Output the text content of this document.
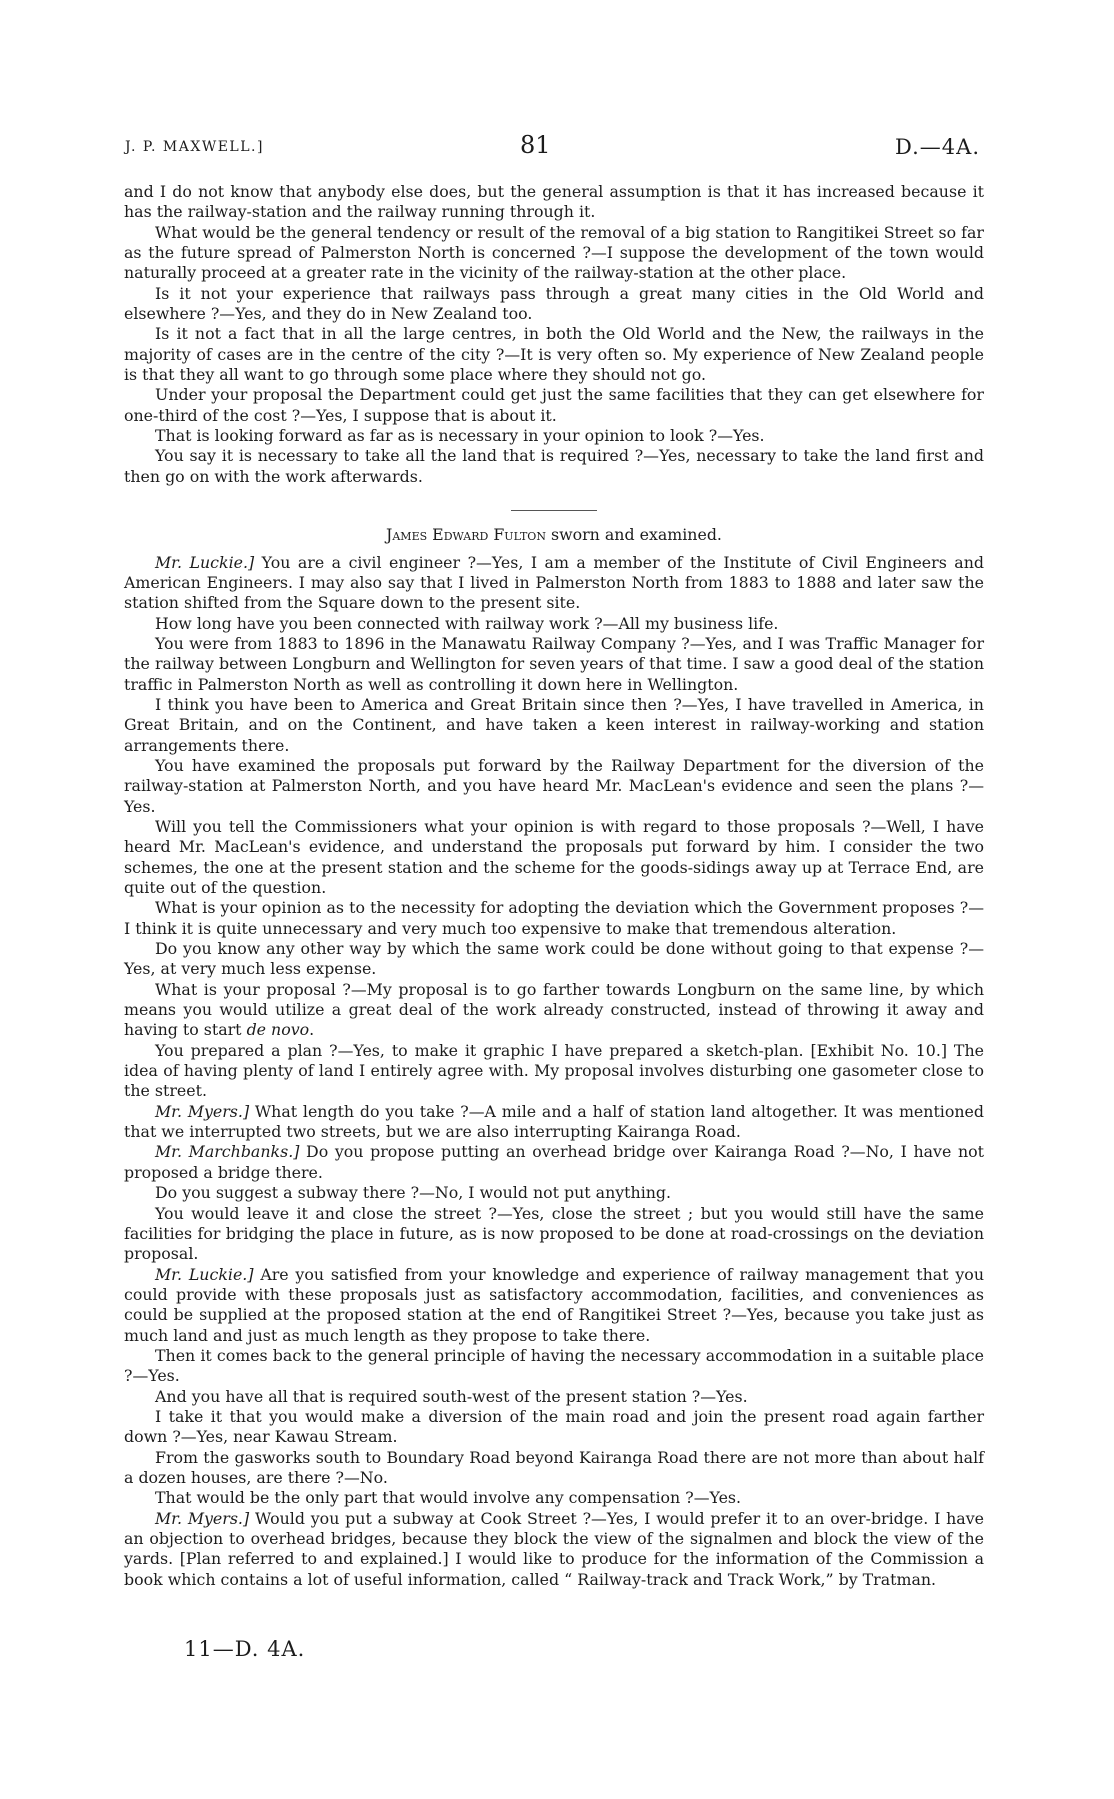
J. P. MAXWELL.]	81	D.—4A.

and I do not know that anybody else does, but the general assumption is that it has increased because it has the railway-station and the railway running through it.

What would be the general tendency or result of the removal of a big station to Rangitikei Street so far as the future spread of Palmerston North is concerned ?—I suppose the development of the town would naturally proceed at a greater rate in the vicinity of the railway-station at the other place.

Is it not your experience that railways pass through a great many cities in the Old World and elsewhere ?—Yes, and they do in New Zealand too.

Is it not a fact that in all the large centres, in both the Old World and the New, the railways in the majority of cases are in the centre of the city ?—It is very often so. My experience of New Zealand people is that they all want to go through some place where they should not go.

Under your proposal the Department could get just the same facilities that they can get elsewhere for one-third of the cost ?—Yes, I suppose that is about it.

That is looking forward as far as is necessary in your opinion to look ?—Yes.

You say it is necessary to take all the land that is required ?—Yes, necessary to take the land first and then go on with the work afterwards.

James Edward Fulton sworn and examined.

Mr. Luckie.] You are a civil engineer ?—Yes, I am a member of the Institute of Civil Engineers and American Engineers. I may also say that I lived in Palmerston North from 1883 to 1888 and later saw the station shifted from the Square down to the present site.

How long have you been connected with railway work ?—All my business life.

You were from 1883 to 1896 in the Manawatu Railway Company ?—Yes, and I was Traffic Manager for the railway between Longburn and Wellington for seven years of that time. I saw a good deal of the station traffic in Palmerston North as well as controlling it down here in Wellington.

I think you have been to America and Great Britain since then ?—Yes, I have travelled in America, in Great Britain, and on the Continent, and have taken a keen interest in railway-working and station arrangements there.

You have examined the proposals put forward by the Railway Department for the diversion of the railway-station at Palmerston North, and you have heard Mr. MacLean's evidence and seen the plans ?—Yes.

Will you tell the Commissioners what your opinion is with regard to those proposals ?—Well, I have heard Mr. MacLean's evidence, and understand the proposals put forward by him. I consider the two schemes, the one at the present station and the scheme for the goods-sidings away up at Terrace End, are quite out of the question.

What is your opinion as to the necessity for adopting the deviation which the Government proposes ?—I think it is quite unnecessary and very much too expensive to make that tremendous alteration.

Do you know any other way by which the same work could be done without going to that expense ?—Yes, at very much less expense.

What is your proposal ?—My proposal is to go farther towards Longburn on the same line, by which means you would utilize a great deal of the work already constructed, instead of throwing it away and having to start de novo.

You prepared a plan ?—Yes, to make it graphic I have prepared a sketch-plan. [Exhibit No. 10.] The idea of having plenty of land I entirely agree with. My proposal involves disturbing one gasometer close to the street.

Mr. Myers.] What length do you take ?—A mile and a half of station land altogether. It was mentioned that we interrupted two streets, but we are also interrupting Kairanga Road.

Mr. Marchbanks.] Do you propose putting an overhead bridge over Kairanga Road ?—No, I have not proposed a bridge there.

Do you suggest a subway there ?—No, I would not put anything.

You would leave it and close the street ?—Yes, close the street ; but you would still have the same facilities for bridging the place in future, as is now proposed to be done at road-crossings on the deviation proposal.

Mr. Luckie.] Are you satisfied from your knowledge and experience of railway management that you could provide with these proposals just as satisfactory accommodation, facilities, and conveniences as could be supplied at the proposed station at the end of Rangitikei Street ?—Yes, because you take just as much land and just as much length as they propose to take there.

Then it comes back to the general principle of having the necessary accommodation in a suitable place ?—Yes.

And you have all that is required south-west of the present station ?—Yes.

I take it that you would make a diversion of the main road and join the present road again farther down ?—Yes, near Kawau Stream.

From the gasworks south to Boundary Road beyond Kairanga Road there are not more than about half a dozen houses, are there ?—No.

That would be the only part that would involve any compensation ?—Yes.

Mr. Myers.] Would you put a subway at Cook Street ?—Yes, I would prefer it to an over-bridge. I have an objection to overhead bridges, because they block the view of the signalmen and block the view of the yards. [Plan referred to and explained.] I would like to produce for the information of the Commission a book which contains a lot of useful information, called “ Railway-track and Track Work,” by Tratman.

11—D. 4A.
